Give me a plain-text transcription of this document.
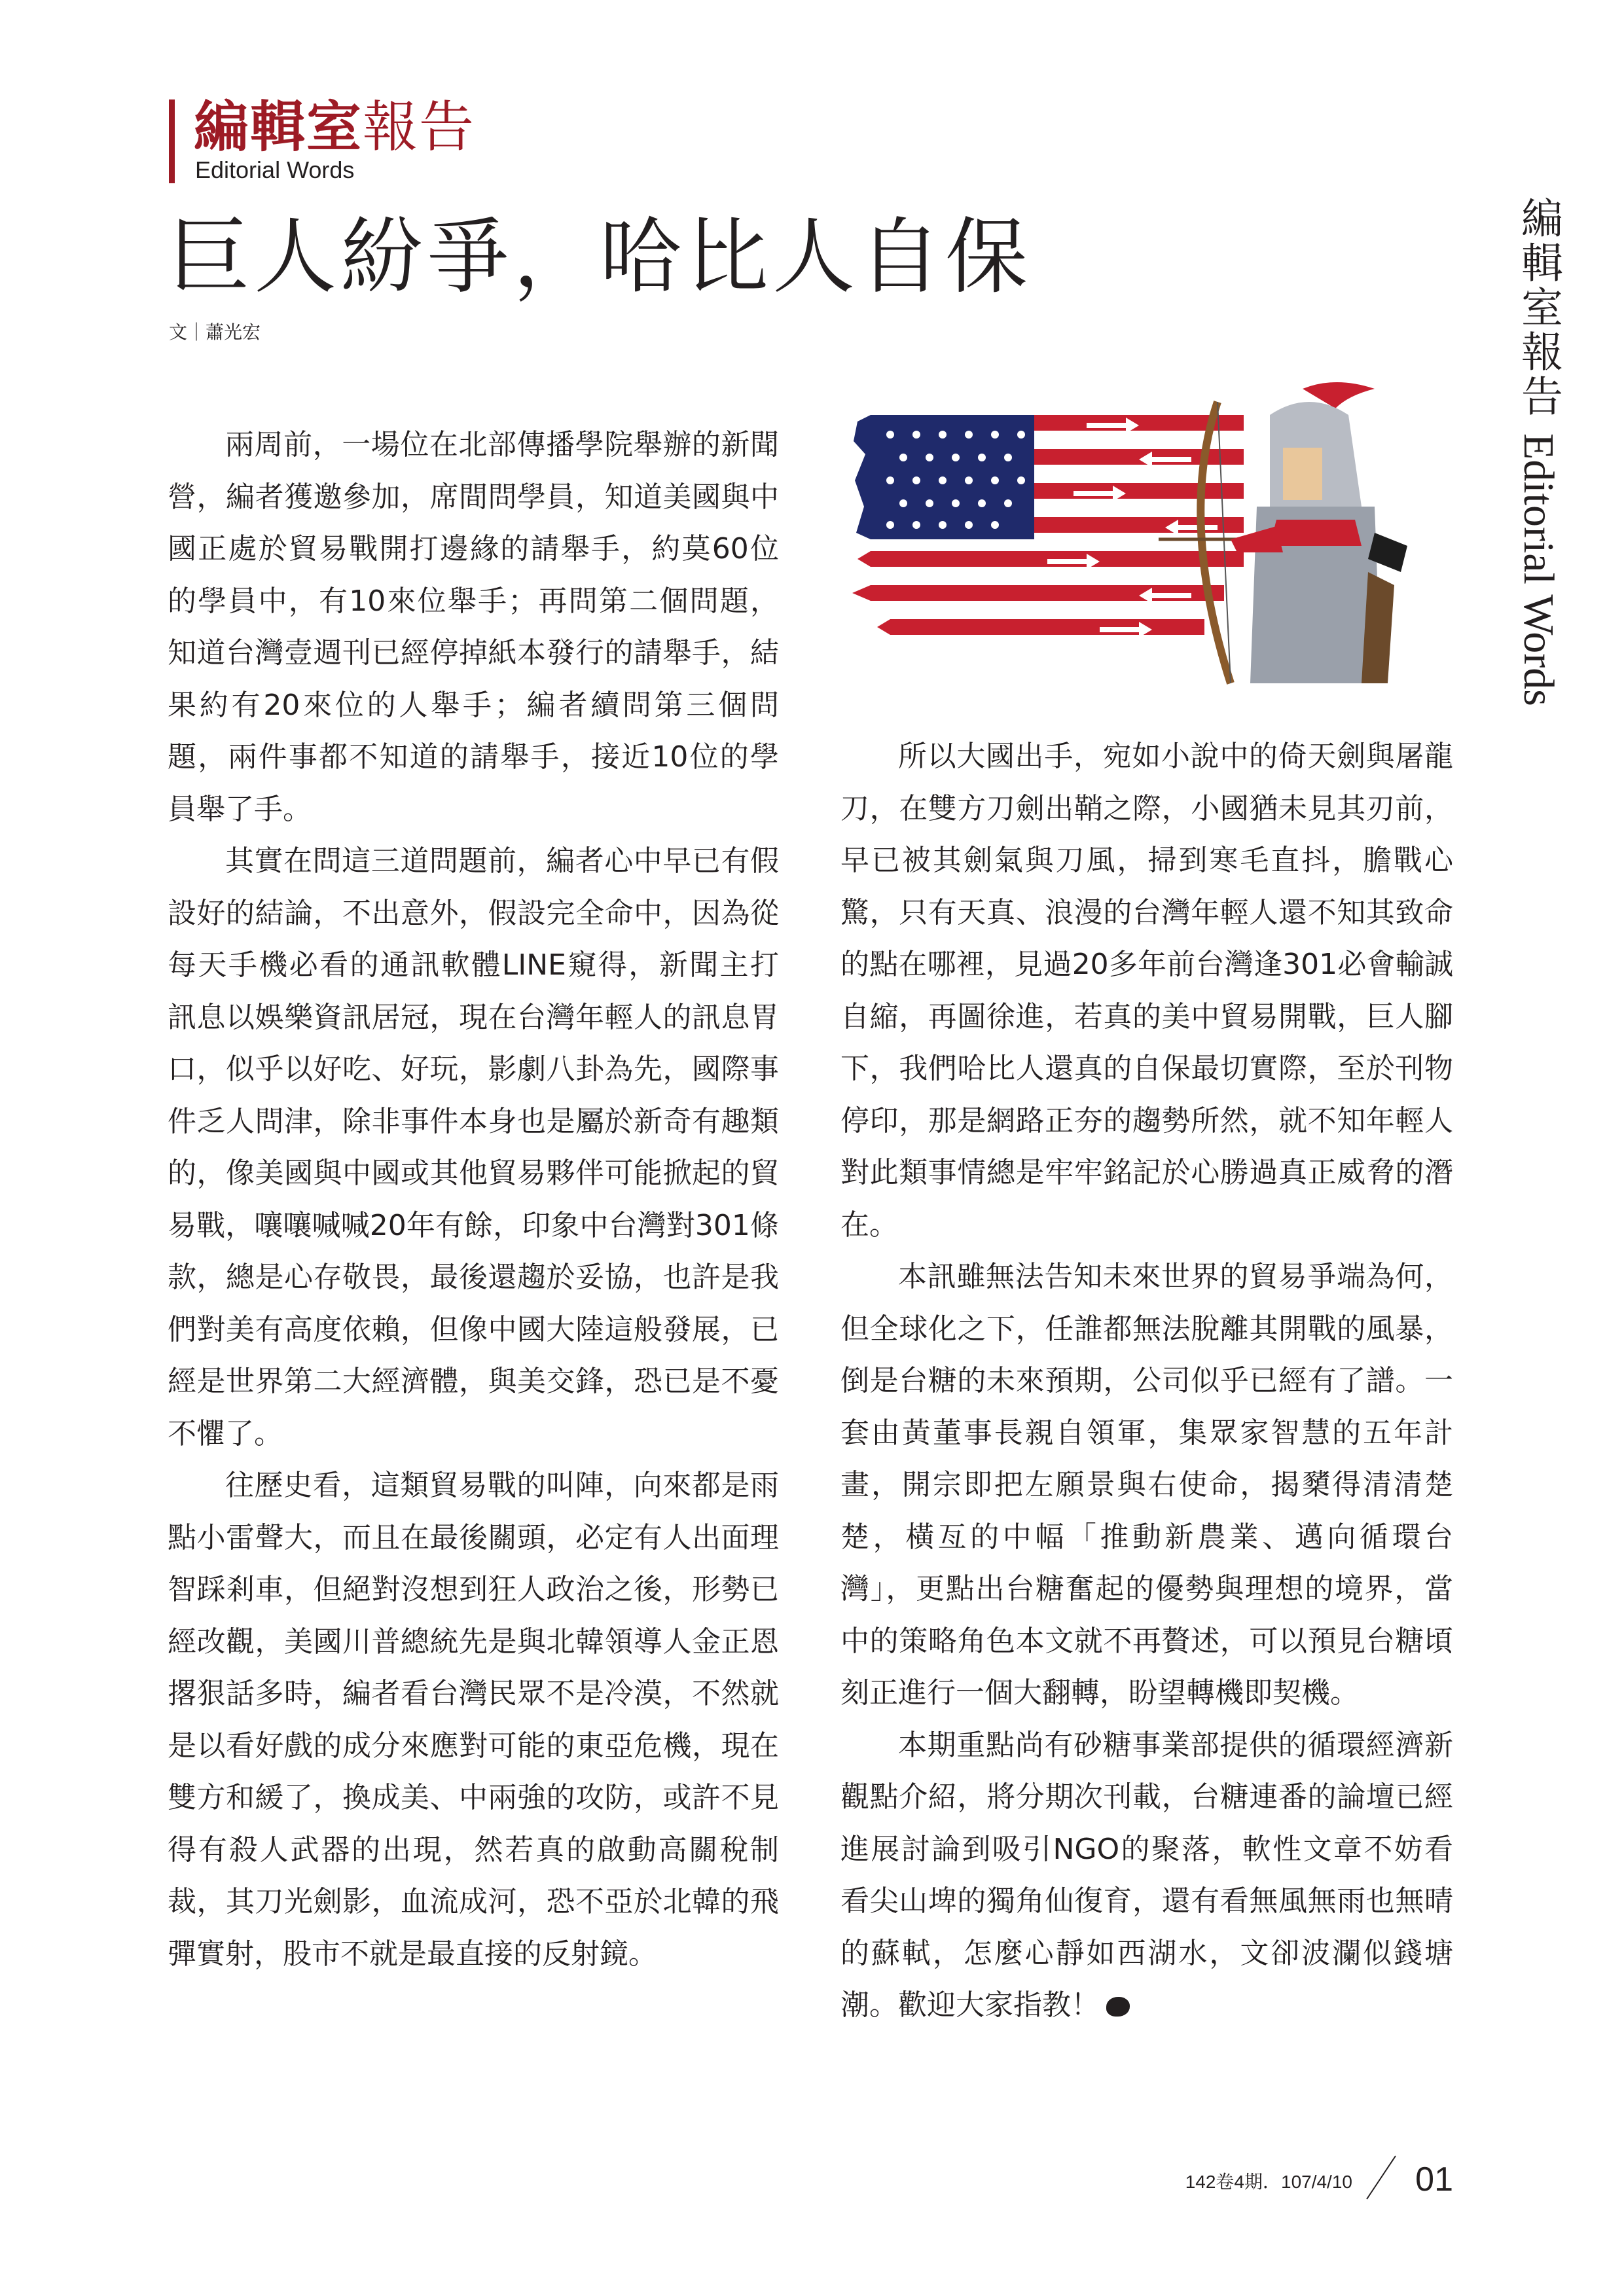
編輯室報告
Editorial Words
巨人紛爭，哈比人自保
文｜蕭光宏

兩周前，一場位在北部傳播學院舉辦的新聞營，編者獲邀參加，席間問學員，知道美國與中國正處於貿易戰開打邊緣的請舉手，約莫60位的學員中，有10來位舉手；再問第二個問題，知道台灣壹週刊已經停掉紙本發行的請舉手，結果約有20來位的人舉手；編者續問第三個問題，兩件事都不知道的請舉手，接近10位的學員舉了手。

其實在問這三道問題前，編者心中早已有假設好的結論，不出意外，假設完全命中，因為從每天手機必看的通訊軟體LINE窺得，新聞主打訊息以娛樂資訊居冠，現在台灣年輕人的訊息胃口，似乎以好吃、好玩，影劇八卦為先，國際事件乏人問津，除非事件本身也是屬於新奇有趣類的，像美國與中國或其他貿易夥伴可能掀起的貿易戰，嚷嚷喊喊20年有餘，印象中台灣對301條款，總是心存敬畏，最後還趨於妥協，也許是我們對美有高度依賴，但像中國大陸這般發展，已經是世界第二大經濟體，與美交鋒，恐已是不憂不懼了。

往歷史看，這類貿易戰的叫陣，向來都是雨點小雷聲大，而且在最後關頭，必定有人出面理智踩剎車，但絕對沒想到狂人政治之後，形勢已經改觀，美國川普總統先是與北韓領導人金正恩撂狠話多時，編者看台灣民眾不是冷漠，不然就是以看好戲的成分來應對可能的東亞危機，現在雙方和緩了，換成美、中兩強的攻防，或許不見得有殺人武器的出現，然若真的啟動高關稅制裁，其刀光劍影，血流成河，恐不亞於北韓的飛彈實射，股市不就是最直接的反射鏡。

所以大國出手，宛如小說中的倚天劍與屠龍刀，在雙方刀劍出鞘之際，小國猶未見其刃前，早已被其劍氣與刀風，掃到寒毛直抖，膽戰心驚，只有天真、浪漫的台灣年輕人還不知其致命的點在哪裡，見過20多年前台灣逢301必會輸誠自縮，再圖徐進，若真的美中貿易開戰，巨人腳下，我們哈比人還真的自保最切實際，至於刊物停印，那是網路正夯的趨勢所然，就不知年輕人對此類事情總是牢牢銘記於心勝過真正威脅的潛在。

本訊雖無法告知未來世界的貿易爭端為何，但全球化之下，任誰都無法脫離其開戰的風暴，倒是台糖的未來預期，公司似乎已經有了譜。一套由黃董事長親自領軍，集眾家智慧的五年計畫，開宗即把左願景與右使命，揭櫫得清清楚楚，橫亙的中幅「推動新農業、邁向循環台灣」，更點出台糖奮起的優勢與理想的境界，當中的策略角色本文就不再贅述，可以預見台糖頃刻正進行一個大翻轉，盼望轉機即契機。

本期重點尚有砂糖事業部提供的循環經濟新觀點介紹，將分期次刊載，台糖連番的論壇已經進展討論到吸引NGO的聚落，軟性文章不妨看看尖山埤的獨角仙復育，還有看無風無雨也無晴的蘇軾，怎麼心靜如西湖水，文卻波瀾似錢塘潮。歡迎大家指教！

編輯室報告Editorial Words
142卷4期．107/4/10 01
